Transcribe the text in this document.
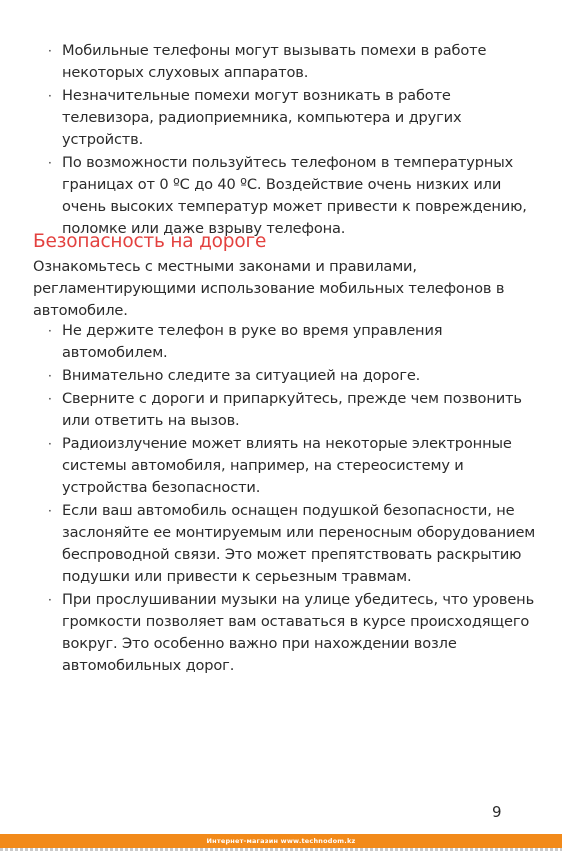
· Мобильные телефоны могут вызывать помехи в работе некоторых слуховых аппаратов.
· Незначительные помехи могут возникать в работе телевизора, радиоприемника, компьютера и других устройств.
· По возможности пользуйтесь телефоном в температурных границах от 0 ºC до 40 ºC. Воздействие очень низких или очень высоких температур может привести к повреждению, поломке или даже взрыву телефона.
Безопасность на дороге

Ознакомьтесь с местными законами и правилами, регламентирующими использование мобильных телефонов в автомобиле.

· Не держите телефон в руке во время управления автомобилем.
· Внимательно следите за ситуацией на дороге.
· Сверните с дороги и припаркуйтесь, прежде чем позвонить или ответить на вызов.
· Радиоизлучение может влиять на некоторые электронные системы автомобиля, например, на стереосистему и устройства безопасности.
· Если ваш автомобиль оснащен подушкой безопасности, не заслоняйте ее монтируемым или переносным оборудованием беспроводной связи. Это может препятствовать раскрытию подушки или привести к серьезным травмам.
· При прослушивании музыки на улице убедитесь, что уровень громкости позволяет вам оставаться в курсе происходящего вокруг. Это особенно важно при нахождении возле автомобильных дорог.
9
Интернет-магазин www.technodom.kz
